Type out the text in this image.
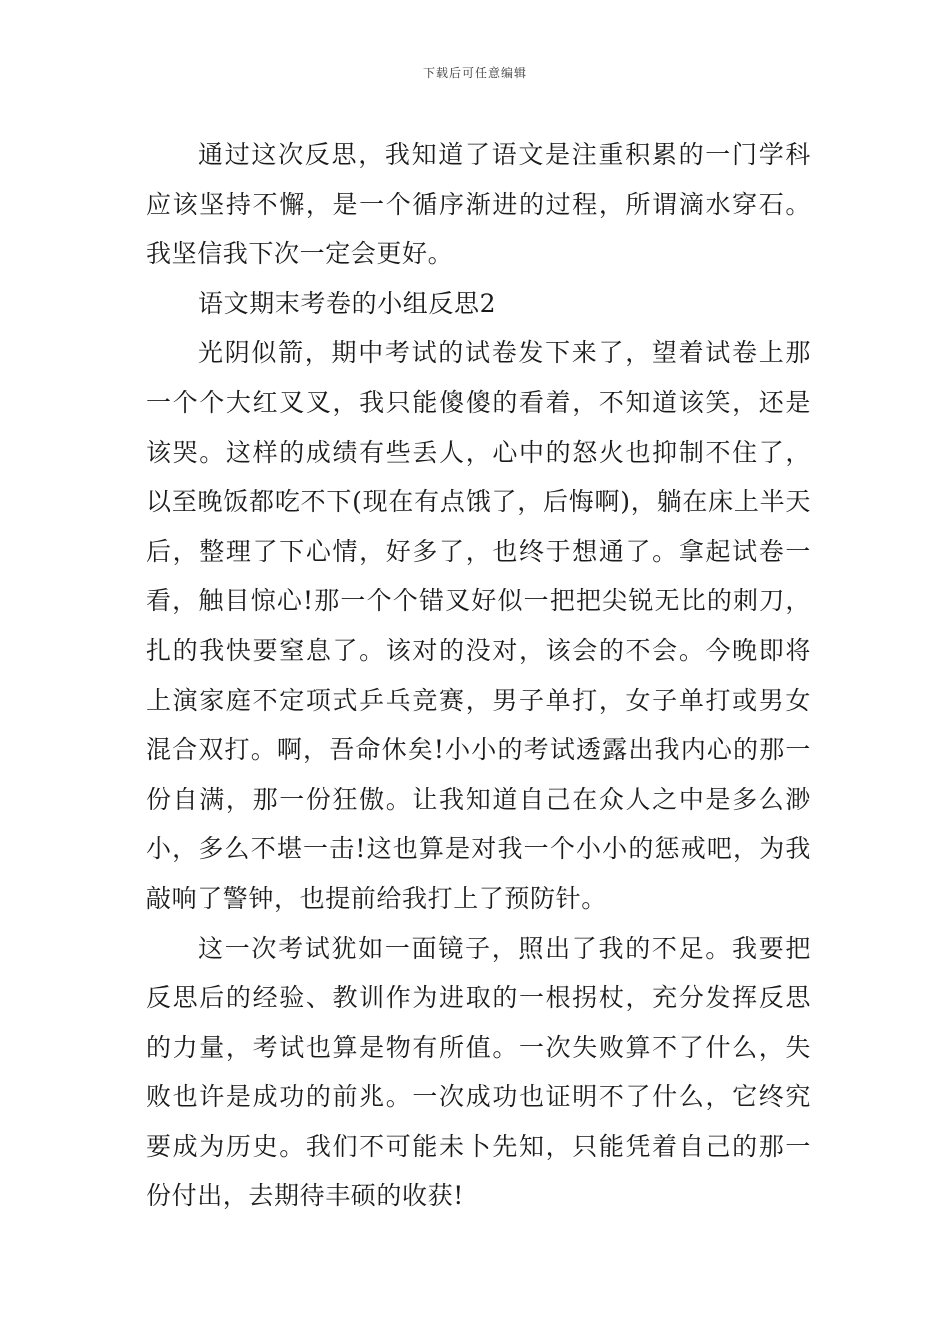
下载后可任意编辑

通过这次反思，我知道了语文是注重积累的一门学科应该坚持不懈，是一个循序渐进的过程，所谓滴水穿石。我坚信我下次一定会更好。

语文期末考卷的小组反思2

光阴似箭，期中考试的试卷发下来了，望着试卷上那一个个大红叉叉，我只能傻傻的看着，不知道该笑，还是该哭。这样的成绩有些丢人，心中的怒火也抑制不住了，以至晚饭都吃不下(现在有点饿了，后悔啊)，躺在床上半天后，整理了下心情，好多了，也终于想通了。拿起试卷一看，触目惊心!那一个个错叉好似一把把尖锐无比的刺刀，扎的我快要窒息了。该对的没对，该会的不会。今晚即将上演家庭不定项式乒乓竞赛，男子单打，女子单打或男女混合双打。啊，吾命休矣!小小的考试透露出我内心的那一份自满，那一份狂傲。让我知道自己在众人之中是多么渺小，多么不堪一击!这也算是对我一个小小的惩戒吧，为我敲响了警钟，也提前给我打上了预防针。

这一次考试犹如一面镜子，照出了我的不足。我要把反思后的经验、教训作为进取的一根拐杖，充分发挥反思的力量，考试也算是物有所值。一次失败算不了什么，失败也许是成功的前兆。一次成功也证明不了什么，它终究要成为历史。我们不可能未卜先知，只能凭着自己的那一份付出，去期待丰硕的收获!
